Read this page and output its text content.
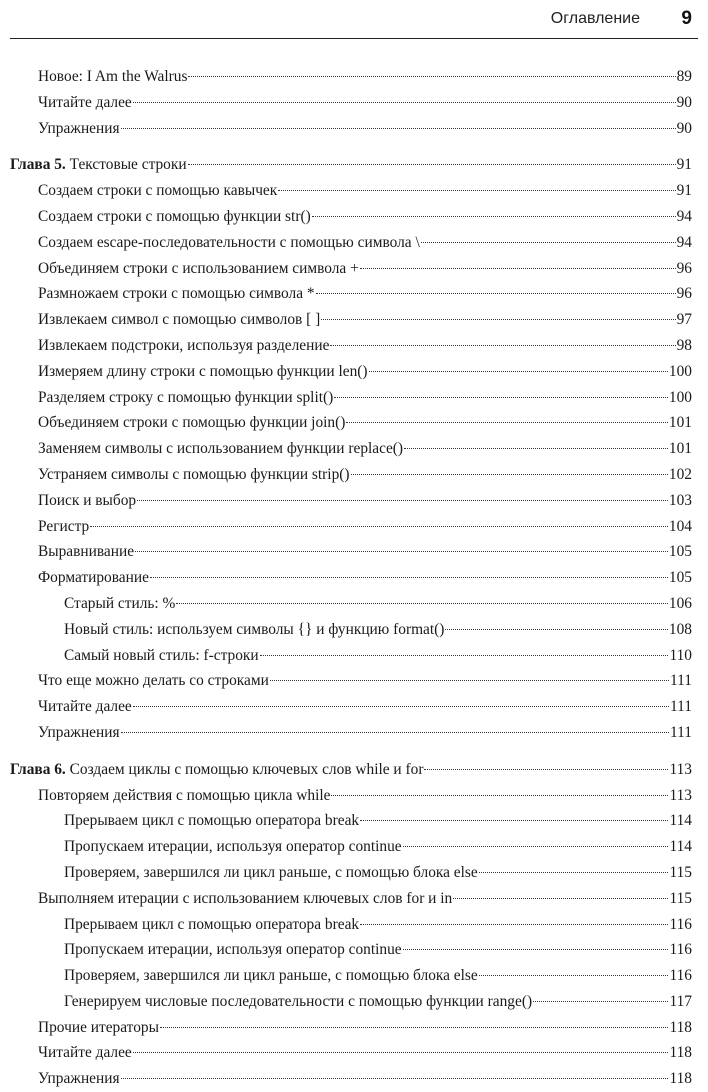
Оглавление 9
Новое: I Am the Walrus	89
Читайте далее	90
Упражнения	90
Глава 5. Текстовые строки	91
Создаем строки с помощью кавычек	91
Создаем строки с помощью функции str()	94
Создаем escape-последовательности с помощью символа \	94
Объединяем строки с использованием символа +	96
Размножаем строки с помощью символа *	96
Извлекаем символ с помощью символов [ ]	97
Извлекаем подстроки, используя разделение	98
Измеряем длину строки с помощью функции len()	100
Разделяем строку с помощью функции split()	100
Объединяем строки с помощью функции join()	101
Заменяем символы с использованием функции replace()	101
Устраняем символы с помощью функции strip()	102
Поиск и выбор	103
Регистр	104
Выравнивание	105
Форматирование	105
Старый стиль: %	106
Новый стиль: используем символы {} и функцию format()	108
Самый новый стиль: f-строки	110
Что еще можно делать со строками	111
Читайте далее	111
Упражнения	111
Глава 6. Создаем циклы с помощью ключевых слов while и for	113
Повторяем действия с помощью цикла while	113
Прерываем цикл с помощью оператора break	114
Пропускаем итерации, используя оператор continue	114
Проверяем, завершился ли цикл раньше, с помощью блока else	115
Выполняем итерации с использованием ключевых слов for и in	115
Прерываем цикл с помощью оператора break	116
Пропускаем итерации, используя оператор continue	116
Проверяем, завершился ли цикл раньше, с помощью блока else	116
Генерируем числовые последовательности с помощью функции range()	117
Прочие итераторы	118
Читайте далее	118
Упражнения	118
